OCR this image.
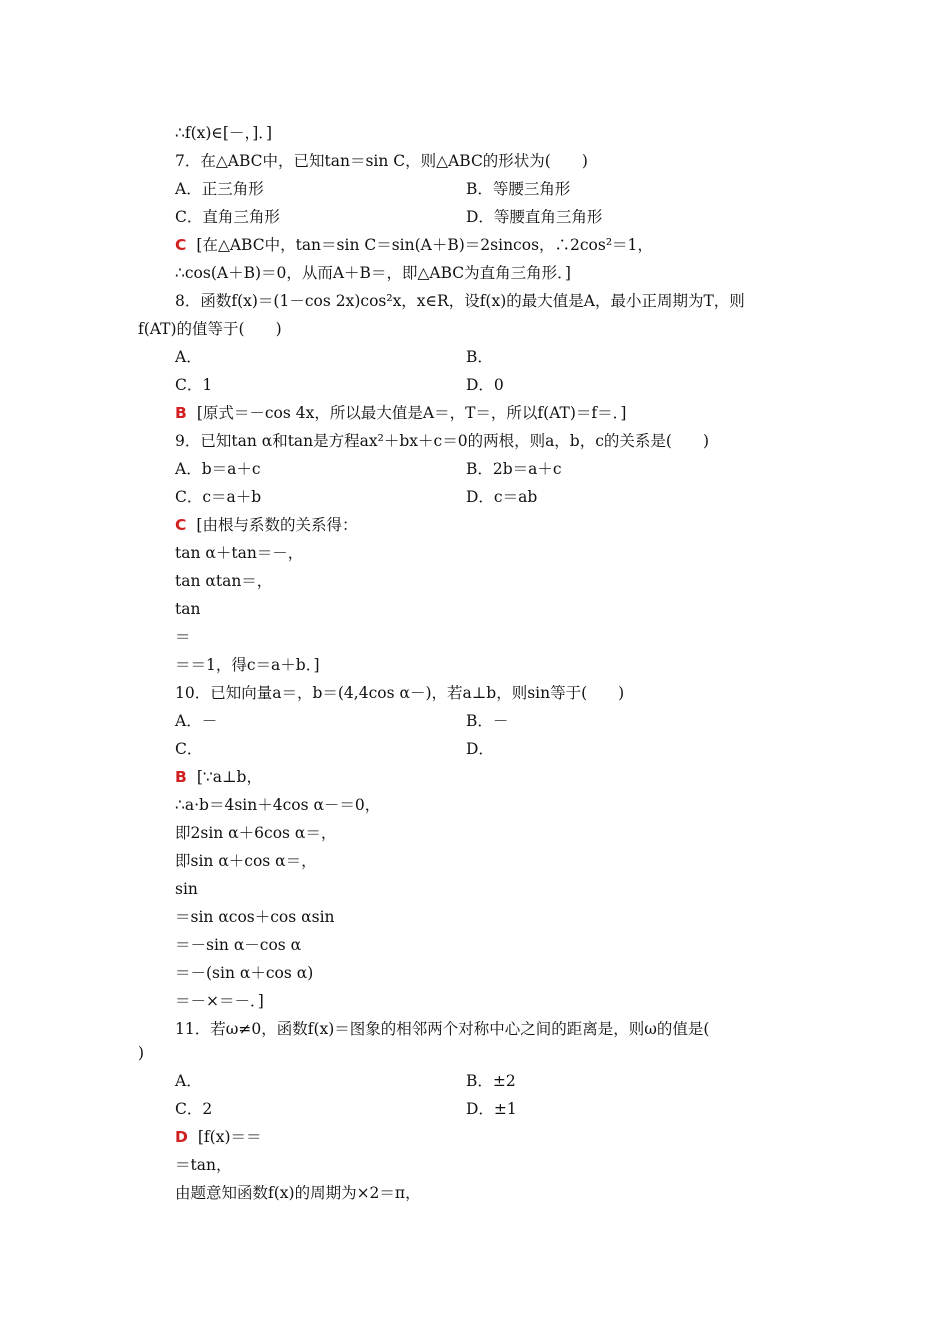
∴f(x)∈[－，]．]
7．在△ABC中，已知tan＝sin C，则△ABC的形状为(　　)
A．正三角形	B．等腰三角形
C．直角三角形	D．等腰直角三角形
C [在△ABC中，tan＝sin C＝sin(A＋B)＝2sincos，∴2cos²＝1，
∴cos(A＋B)＝0，从而A＋B＝，即△ABC为直角三角形．]
8．函数f(x)＝(1－cos 2x)cos²x，x∈R，设f(x)的最大值是A，最小正周期为T，则
f(AT)的值等于(　　)
A．	B．
C．1	D．0
B [原式＝－cos 4x，所以最大值是A＝，T＝，所以f(AT)＝f＝．]
9．已知tan α和tan是方程ax²＋bx＋c＝0的两根，则a，b，c的关系是(　　)
A．b＝a＋c	B．2b＝a＋c
C．c＝a＋b	D．c＝ab
C [由根与系数的关系得：
tan α＋tan＝－，
tan αtan＝，
tan
＝
＝＝1，得c＝a＋b．]
10．已知向量a＝，b＝(4,4cos α－)，若a⊥b，则sin等于(　　)
A．－	B．－
C．	D．
B [∵a⊥b，
∴a·b＝4sin＋4cos α－＝0，
即2sin α＋6cos α＝，
即sin α＋cos α＝，
sin
＝sin αcos＋cos αsin
＝－sin α－cos α
＝－(sin α＋cos α)
＝－×＝－．]
11．若ω≠0，函数f(x)＝图象的相邻两个对称中心之间的距离是，则ω的值是(
)
A．	B．±2
C．2	D．±1
D [f(x)＝＝
＝tan，
由题意知函数f(x)的周期为×2＝π，
